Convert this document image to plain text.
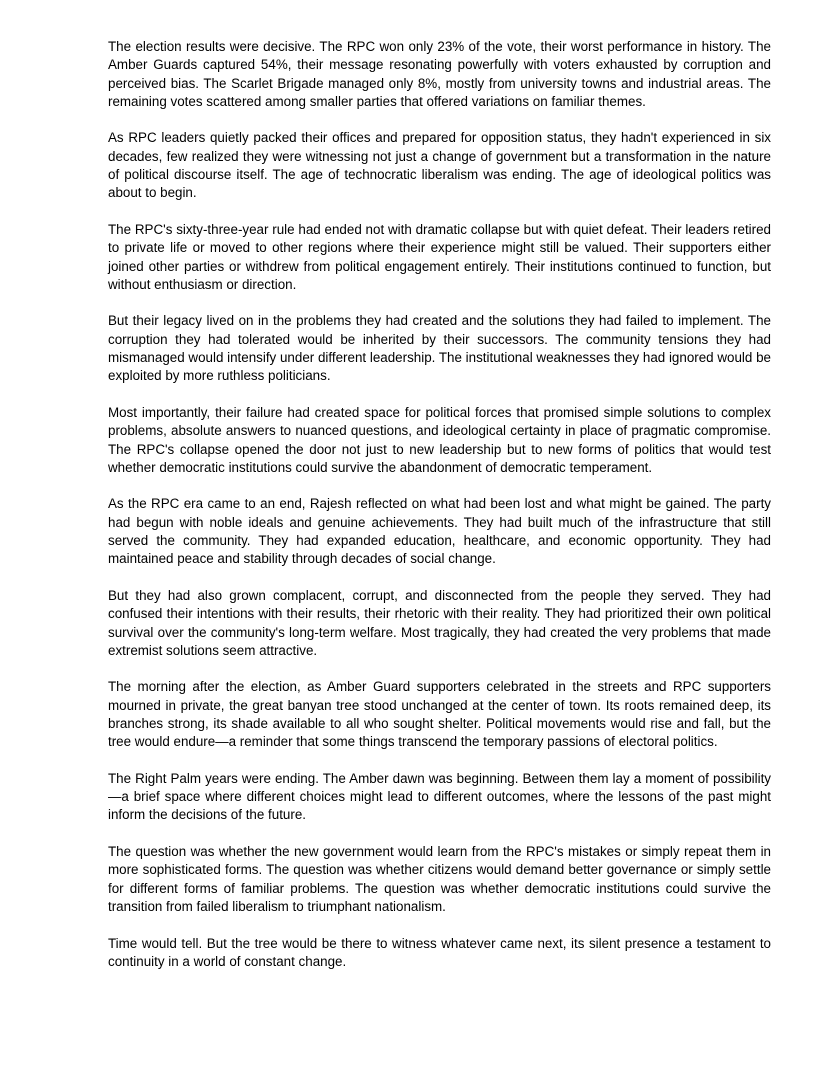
The election results were decisive. The RPC won only 23% of the vote, their worst performance in history. The Amber Guards captured 54%, their message resonating powerfully with voters exhausted by corruption and perceived bias. The Scarlet Brigade managed only 8%, mostly from university towns and industrial areas. The remaining votes scattered among smaller parties that offered variations on familiar themes.

As RPC leaders quietly packed their offices and prepared for opposition status, they hadn't experienced in six decades, few realized they were witnessing not just a change of government but a transformation in the nature of political discourse itself. The age of technocratic liberalism was ending. The age of ideological politics was about to begin.

The RPC's sixty-three-year rule had ended not with dramatic collapse but with quiet defeat. Their leaders retired to private life or moved to other regions where their experience might still be valued. Their supporters either joined other parties or withdrew from political engagement entirely. Their institutions continued to function, but without enthusiasm or direction.

But their legacy lived on in the problems they had created and the solutions they had failed to implement. The corruption they had tolerated would be inherited by their successors. The community tensions they had mismanaged would intensify under different leadership. The institutional weaknesses they had ignored would be exploited by more ruthless politicians.

Most importantly, their failure had created space for political forces that promised simple solutions to complex problems, absolute answers to nuanced questions, and ideological certainty in place of pragmatic compromise. The RPC's collapse opened the door not just to new leadership but to new forms of politics that would test whether democratic institutions could survive the abandonment of democratic temperament.

As the RPC era came to an end, Rajesh reflected on what had been lost and what might be gained. The party had begun with noble ideals and genuine achievements. They had built much of the infrastructure that still served the community. They had expanded education, healthcare, and economic opportunity. They had maintained peace and stability through decades of social change.

But they had also grown complacent, corrupt, and disconnected from the people they served. They had confused their intentions with their results, their rhetoric with their reality. They had prioritized their own political survival over the community's long-term welfare. Most tragically, they had created the very problems that made extremist solutions seem attractive.

The morning after the election, as Amber Guard supporters celebrated in the streets and RPC supporters mourned in private, the great banyan tree stood unchanged at the center of town. Its roots remained deep, its branches strong, its shade available to all who sought shelter. Political movements would rise and fall, but the tree would endure—a reminder that some things transcend the temporary passions of electoral politics.

The Right Palm years were ending. The Amber dawn was beginning. Between them lay a moment of possibility—a brief space where different choices might lead to different outcomes, where the lessons of the past might inform the decisions of the future.

The question was whether the new government would learn from the RPC's mistakes or simply repeat them in more sophisticated forms. The question was whether citizens would demand better governance or simply settle for different forms of familiar problems. The question was whether democratic institutions could survive the transition from failed liberalism to triumphant nationalism.

Time would tell. But the tree would be there to witness whatever came next, its silent presence a testament to continuity in a world of constant change.
